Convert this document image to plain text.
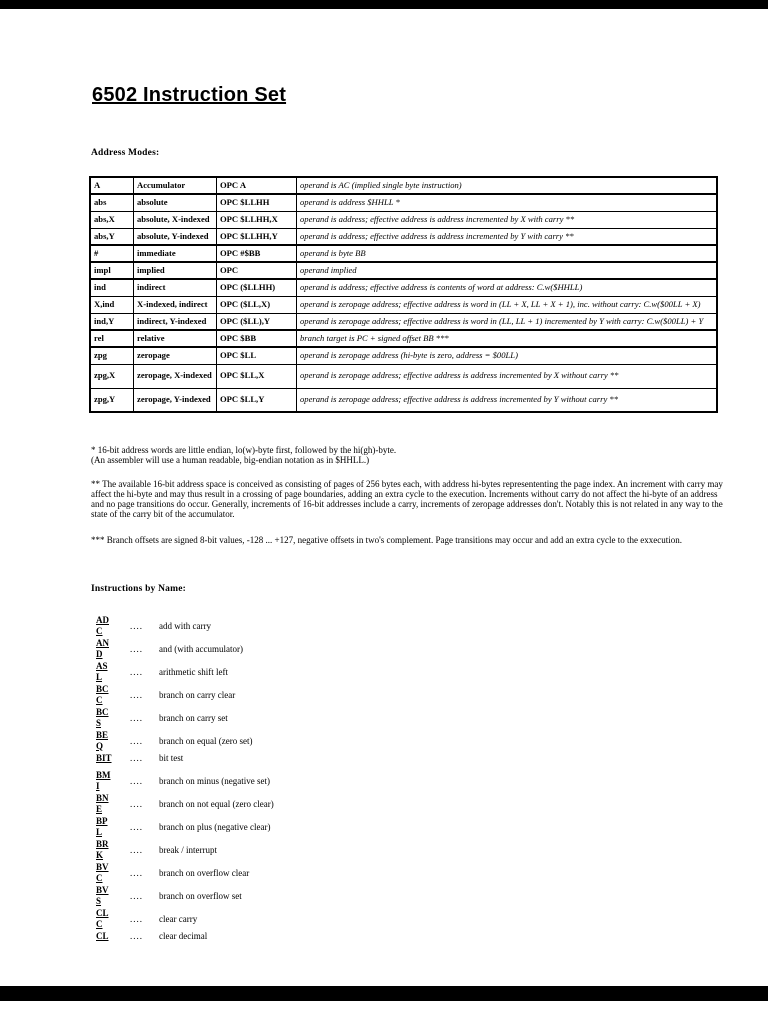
6502 Instruction Set
Address Modes:
A	Accumulator	OPC A	operand is AC (implied single byte instruction)
abs	absolute	OPC $LLHH	operand is address $HHLL *
abs,X	absolute, X-indexed	OPC $LLHH,X	operand is address; effective address is address incremented by X with carry **
abs,Y	absolute, Y-indexed	OPC $LLHH,Y	operand is address; effective address is address incremented by Y with carry **
#	immediate	OPC #$BB	operand is byte BB
impl	implied	OPC	operand implied
ind	indirect	OPC ($LLHH)	operand is address; effective address is contents of word at address: C.w($HHLL)
X,ind	X-indexed, indirect	OPC ($LL,X)	operand is zeropage address; effective address is word in (LL + X, LL + X + 1), inc. without carry: C.w($00LL + X)
ind,Y	indirect, Y-indexed	OPC ($LL),Y	operand is zeropage address; effective address is word in (LL, LL + 1) incremented by Y with carry: C.w($00LL) + Y
rel	relative	OPC $BB	branch target is PC + signed offset BB ***
zpg	zeropage	OPC $LL	operand is zeropage address (hi-byte is zero, address = $00LL)
zpg,X	zeropage, X-indexed	OPC $LL,X	operand is zeropage address; effective address is address incremented by X without carry **
zpg,Y	zeropage, Y-indexed	OPC $LL,Y	operand is zeropage address; effective address is address incremented by Y without carry **
* 16-bit address words are little endian, lo(w)-byte first, followed by the hi(gh)-byte.
(An assembler will use a human readable, big-endian notation as in $HHLL.)
** The available 16-bit address space is conceived as consisting of pages of 256 bytes each, with address hi-bytes represententing the page index. An increment with carry may affect the hi-byte and may thus result in a crossing of page boundaries, adding an extra cycle to the execution. Increments without carry do not affect the hi-byte of an address and no page transitions do occur. Generally, increments of 16-bit addresses include a carry, increments of zeropage addresses don't. Notably this is not related in any way to the state of the carry bit of the accumulator.
*** Branch offsets are signed 8-bit values, -128 ... +127, negative offsets in two's complement. Page transitions may occur and add an extra cycle to the exxecution.
Instructions by Name:
AD
C	....	add with carry
AN
D	....	and (with accumulator)
AS
L	....	arithmetic shift left
BC
C	....	branch on carry clear
BC
S	....	branch on carry set
BE
Q	....	branch on equal (zero set)
BIT	....	bit test
BM
I	....	branch on minus (negative set)
BN
E	....	branch on not equal (zero clear)
BP
L	....	branch on plus (negative clear)
BR
K	....	break / interrupt
BV
C	....	branch on overflow clear
BV
S	....	branch on overflow set
CL
C	....	clear carry
CL	....	clear decimal
